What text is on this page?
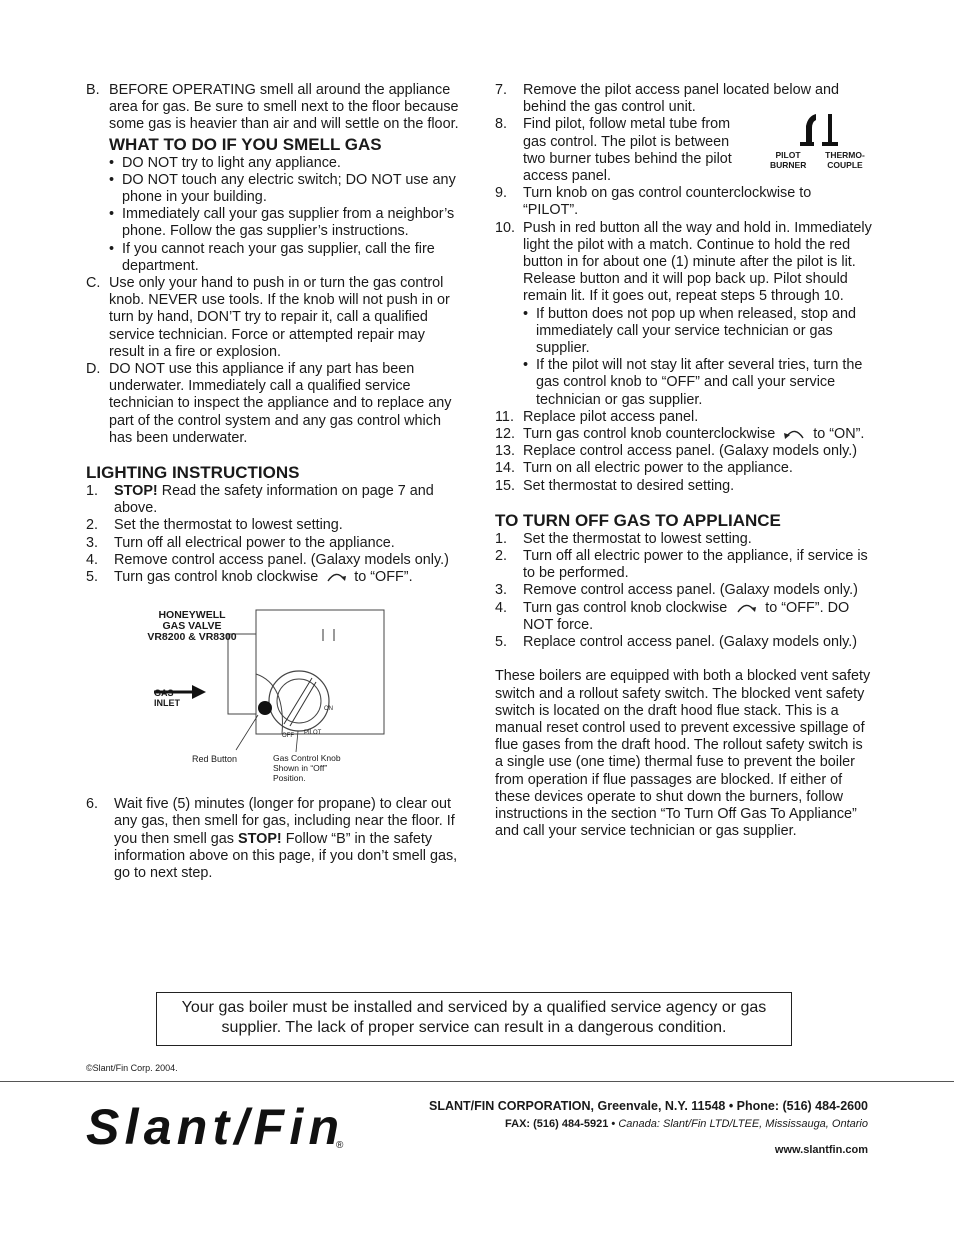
B. BEFORE OPERATING smell all around the appliance area for gas. Be sure to smell next to the floor because some gas is heavier than air and will settle on the floor.
WHAT TO DO IF YOU SMELL GAS
• DO NOT try to light any appliance.
• DO NOT touch any electric switch; DO NOT use any phone in your building.
• Immediately call your gas supplier from a neighbor’s phone. Follow the gas supplier’s instructions.
• If you cannot reach your gas supplier, call the fire department.
C. Use only your hand to push in or turn the gas control knob. NEVER use tools. If the knob will not push in or turn by hand, DON’T try to repair it, call a qualified service technician. Force or attempted repair may result in a fire or explosion.
D. DO NOT use this appliance if any part has been underwater. Immediately call a qualified service technician to inspect the appliance and to replace any part of the control system and any gas control which has been underwater.
LIGHTING INSTRUCTIONS
1.	STOP! Read the safety information on page 7 and above.
2.	Set the thermostat to lowest setting.
3.	Turn off all electrical power to the appliance.
4.	Remove control access panel. (Galaxy models only.)
5.	Turn gas control knob clockwise	to “OFF”.
HONEYWELL
GAS VALVE
VR8200 & VR8300
GAS
INLET
ON
OFF PILOT
Red Button	Gas Control Knob
Shown in “Off”
Position.
6.	Wait five (5) minutes (longer for propane) to clear out any gas, then smell for gas, including near the floor. If you then smell gas STOP! Follow “B” in the safety information above on this page, if you don’t smell gas, go to next step.
7.	Remove the pilot access panel located below and behind the gas control unit.
8.	Find pilot, follow metal tube from gas control. The pilot is between two burner tubes behind the pilot access panel.
PILOT
BURNER
THERMO-
COUPLE
9.	Turn knob on gas control counterclockwise to “PILOT”.
10. Push in red button all the way and hold in. Immediately light the pilot with a match. Continue to hold the red button in for about one (1) minute after the pilot is lit. Release button and it will pop back up. Pilot should remain lit. If it goes out, repeat steps 5 through 10.
• If button does not pop up when released, stop and immediately call your service technician or gas supplier.
• If the pilot will not stay lit after several tries, turn the gas control knob to “OFF” and call your service technician or gas supplier.
11. Replace pilot access panel.
12. Turn gas control knob counterclockwise  to “ON”.
13. Replace control access panel. (Galaxy models only.)
14. Turn on all electric power to the appliance.
15. Set thermostat to desired setting.
TO TURN OFF GAS TO APPLIANCE
1.	Set the thermostat to lowest setting.
2.	Turn off all electric power to the appliance, if service is to be performed.
3.	Remove control access panel. (Galaxy models only.)
4.	Turn gas control knob clockwise  to “OFF”. DO NOT force.
5.	Replace control access panel. (Galaxy models only.)

These boilers are equipped with both a blocked vent safety switch and a rollout safety switch. The blocked vent safety switch is located on the draft hood flue stack. This is a manual reset control used to prevent excessive spillage of flue gases from the draft hood. The rollout safety switch is a single use (one time) thermal fuse to prevent the boiler from operation if flue passages are blocked. If either of these devices operate to shut down the burners, follow instructions in the section “To Turn Off Gas To Appliance” and call your service technician or gas supplier.

Your gas boiler must be installed and serviced by a qualified service agency or gas supplier. The lack of proper service can result in a dangerous condition.
©Slant/Fin Corp. 2004.
Slant/Fin ®
SLANT/FIN CORPORATION, Greenvale, N.Y. 11548 • Phone: (516) 484-2600
FAX: (516) 484-5921 • Canada: Slant/Fin LTD/LTEE, Mississauga, Ontario
www.slantfin.com
